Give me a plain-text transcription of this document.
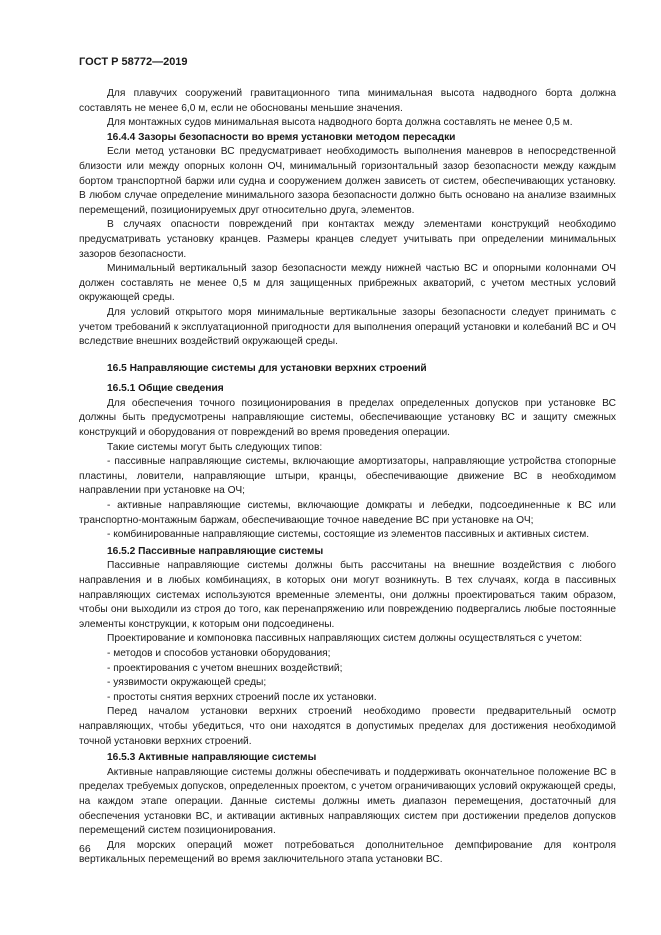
ГОСТ Р 58772—2019

Для плавучих сооружений гравитационного типа минимальная высота надводного борта должна составлять не менее 6,0 м, если не обоснованы меньшие значения.

Для монтажных судов минимальная высота надводного борта должна составлять не менее 0,5 м.

16.4.4 Зазоры безопасности во время установки методом пересадки

Если метод установки ВС предусматривает необходимость выполнения маневров в непосредственной близости или между опорных колонн ОЧ, минимальный горизонтальный зазор безопасности между каждым бортом транспортной баржи или судна и сооружением должен зависеть от систем, обеспечивающих установку. В любом случае определение минимального зазора безопасности должно быть основано на анализе взаимных перемещений, позиционируемых друг относительно друга, элементов.

В случаях опасности повреждений при контактах между элементами конструкций необходимо предусматривать установку кранцев. Размеры кранцев следует учитывать при определении минимальных зазоров безопасности.

Минимальный вертикальный зазор безопасности между нижней частью ВС и опорными колоннами ОЧ должен составлять не менее 0,5 м для защищенных прибрежных акваторий, с учетом местных условий окружающей среды.

Для условий открытого моря минимальные вертикальные зазоры безопасности следует принимать с учетом требований к эксплуатационной пригодности для выполнения операций установки и колебаний ВС и ОЧ вследствие внешних воздействий окружающей среды.

16.5 Направляющие системы для установки верхних строений
16.5.1 Общие сведения

Для обеспечения точного позиционирования в пределах определенных допусков при установке ВС должны быть предусмотрены направляющие системы, обеспечивающие установку ВС и защиту смежных конструкций и оборудования от повреждений во время проведения операции.

Такие системы могут быть следующих типов:

- пассивные направляющие системы, включающие амортизаторы, направляющие устройства стопорные пластины, ловители, направляющие штыри, кранцы, обеспечивающие движение ВС в необходимом направлении при установке на ОЧ;
- активные направляющие системы, включающие домкраты и лебедки, подсоединенные к ВС или транспортно-монтажным баржам, обеспечивающие точное наведение ВС при установке на ОЧ;
- комбинированные направляющие системы, состоящие из элементов пассивных и активных систем.
16.5.2 Пассивные направляющие системы

Пассивные направляющие системы должны быть рассчитаны на внешние воздействия с любого направления и в любых комбинациях, в которых они могут возникнуть. В тех случаях, когда в пассивных направляющих системах используются временные элементы, они должны проектироваться таким образом, чтобы они выходили из строя до того, как перенапряжению или повреждению подвергались любые постоянные элементы конструкции, к которым они подсоединены.

Проектирование и компоновка пассивных направляющих систем должны осуществляться с учетом:

- методов и способов установки оборудования;
- проектирования с учетом внешних воздействий;
- уязвимости окружающей среды;
- простоты снятия верхних строений после их установки.

Перед началом установки верхних строений необходимо провести предварительный осмотр направляющих, чтобы убедиться, что они находятся в допустимых пределах для достижения необходимой точной установки верхних строений.

16.5.3 Активные направляющие системы

Активные направляющие системы должны обеспечивать и поддерживать окончательное положение ВС в пределах требуемых допусков, определенных проектом, с учетом ограничивающих условий окружающей среды, на каждом этапе операции. Данные системы должны иметь диапазон перемещения, достаточный для обеспечения установки ВС, и активации активных направляющих систем при достижении пределов допусков перемещений систем позиционирования.

Для морских операций может потребоваться дополнительное демпфирование для контроля вертикальных перемещений во время заключительного этапа установки ВС.

66
